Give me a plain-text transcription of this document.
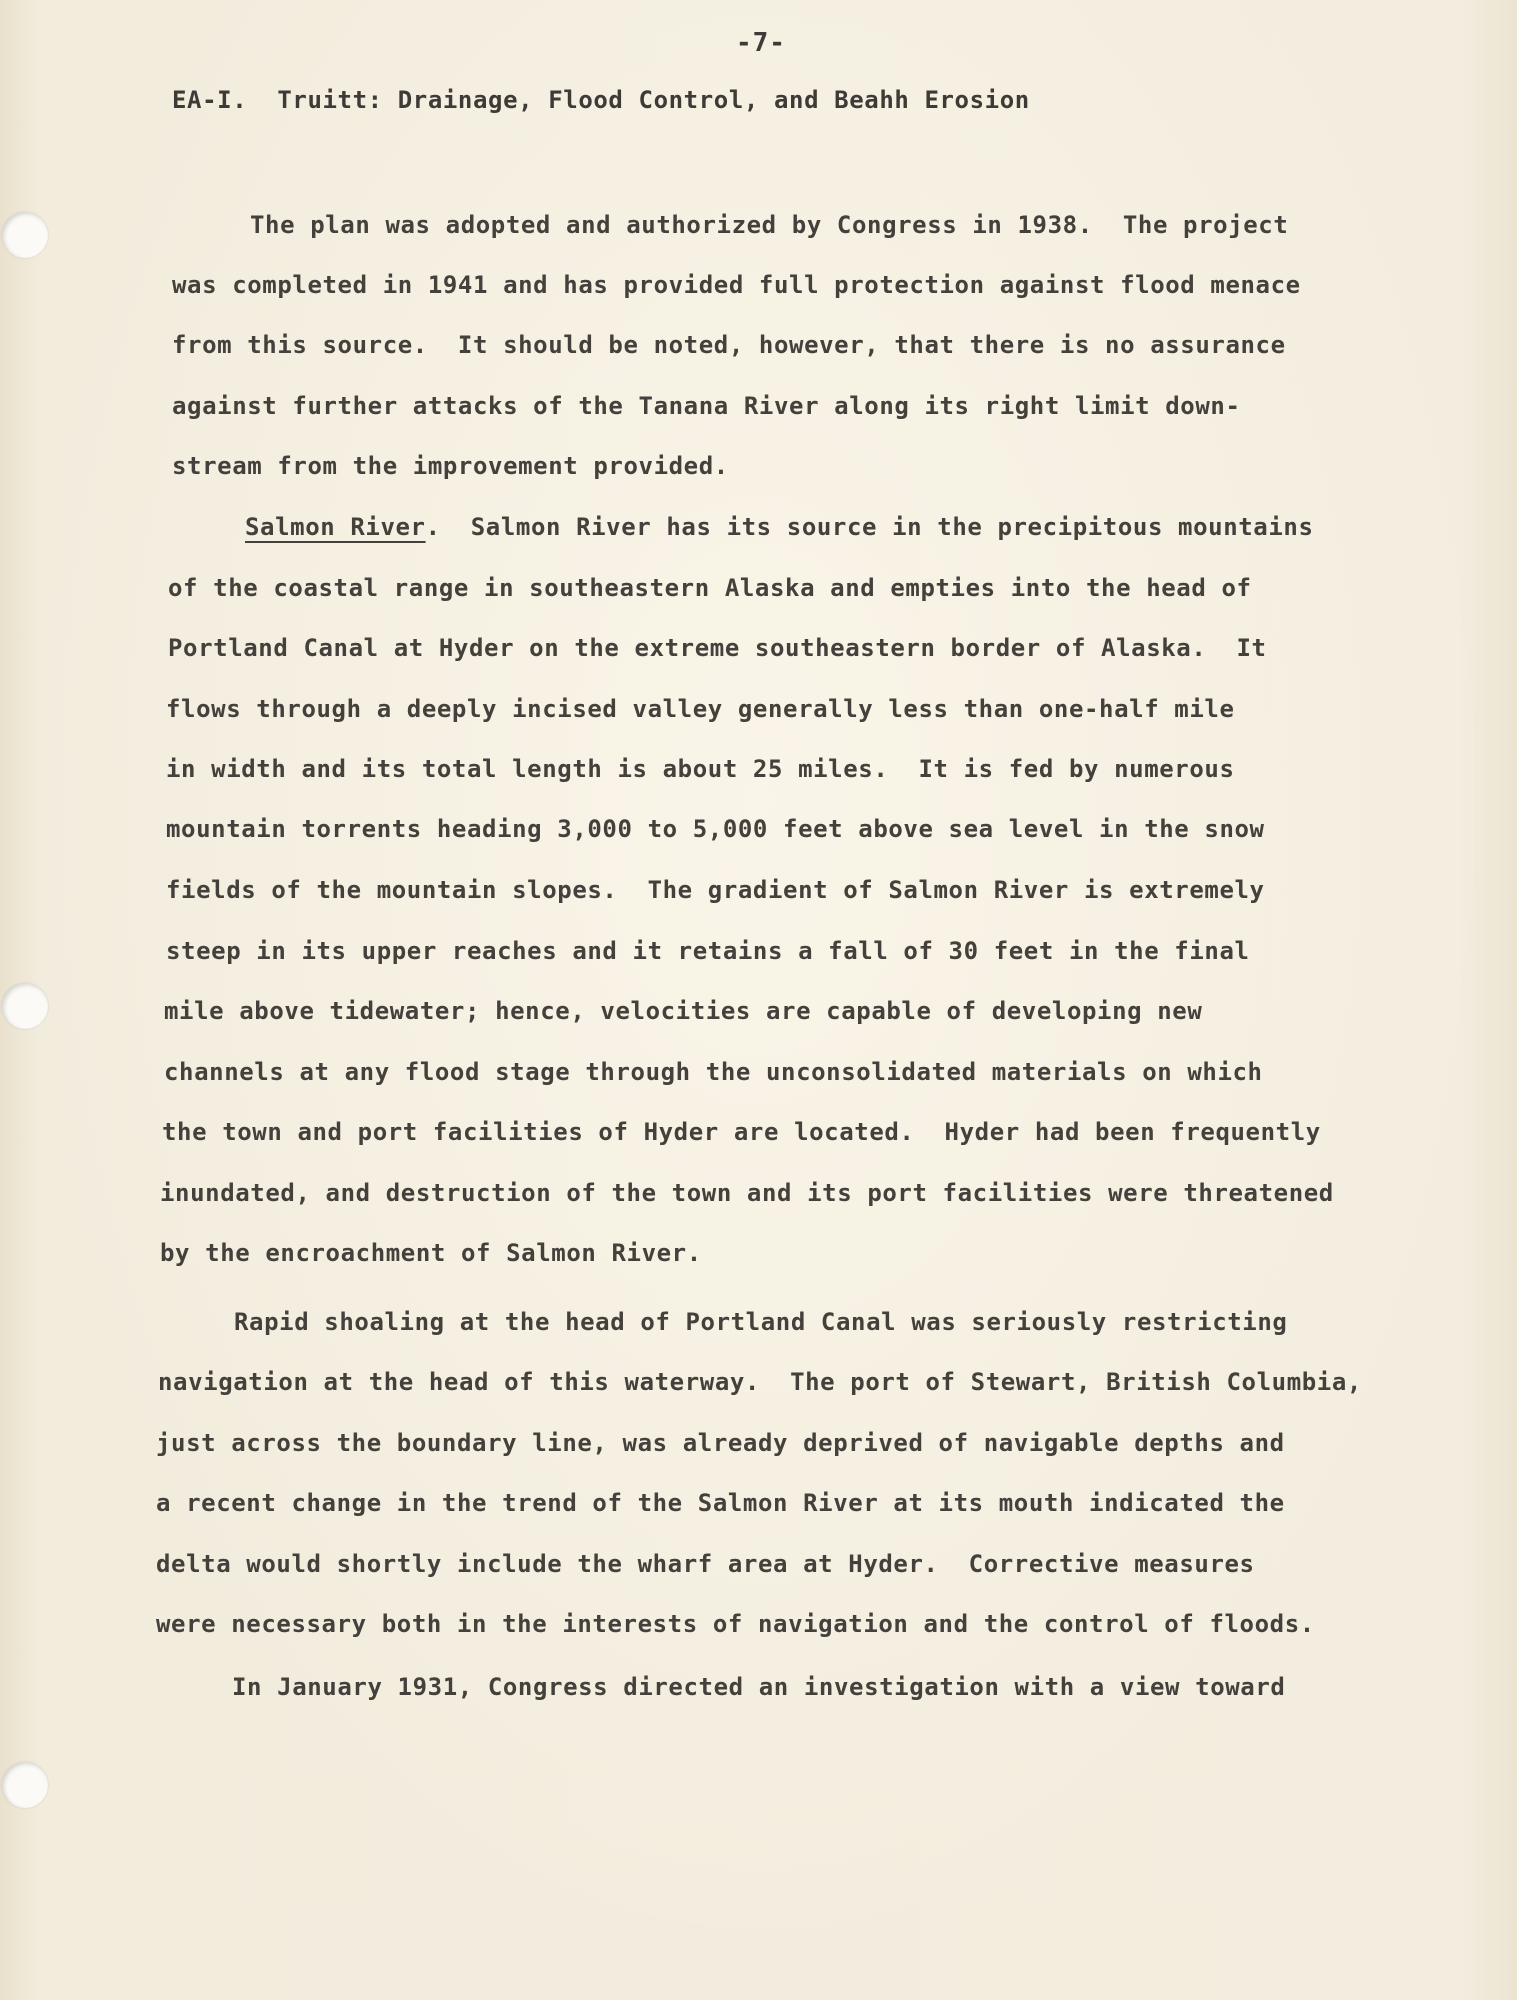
-7-
EA-I.  Truitt: Drainage, Flood Control, and Beahh Erosion
The plan was adopted and authorized by Congress in 1938.  The project
was completed in 1941 and has provided full protection against flood menace
from this source.  It should be noted, however, that there is no assurance
against further attacks of the Tanana River along its right limit down-
stream from the improvement provided.
Salmon River.  Salmon River has its source in the precipitous mountains
of the coastal range in southeastern Alaska and empties into the head of
Portland Canal at Hyder on the extreme southeastern border of Alaska.  It
flows through a deeply incised valley generally less than one-half mile
in width and its total length is about 25 miles.  It is fed by numerous
mountain torrents heading 3,000 to 5,000 feet above sea level in the snow
fields of the mountain slopes.  The gradient of Salmon River is extremely
steep in its upper reaches and it retains a fall of 30 feet in the final
mile above tidewater; hence, velocities are capable of developing new
channels at any flood stage through the unconsolidated materials on which
the town and port facilities of Hyder are located.  Hyder had been frequently
inundated, and destruction of the town and its port facilities were threatened
by the encroachment of Salmon River.
Rapid shoaling at the head of Portland Canal was seriously restricting
navigation at the head of this waterway.  The port of Stewart, British Columbia,
just across the boundary line, was already deprived of navigable depths and
a recent change in the trend of the Salmon River at its mouth indicated the
delta would shortly include the wharf area at Hyder.  Corrective measures
were necessary both in the interests of navigation and the control of floods.
In January 1931, Congress directed an investigation with a view toward
